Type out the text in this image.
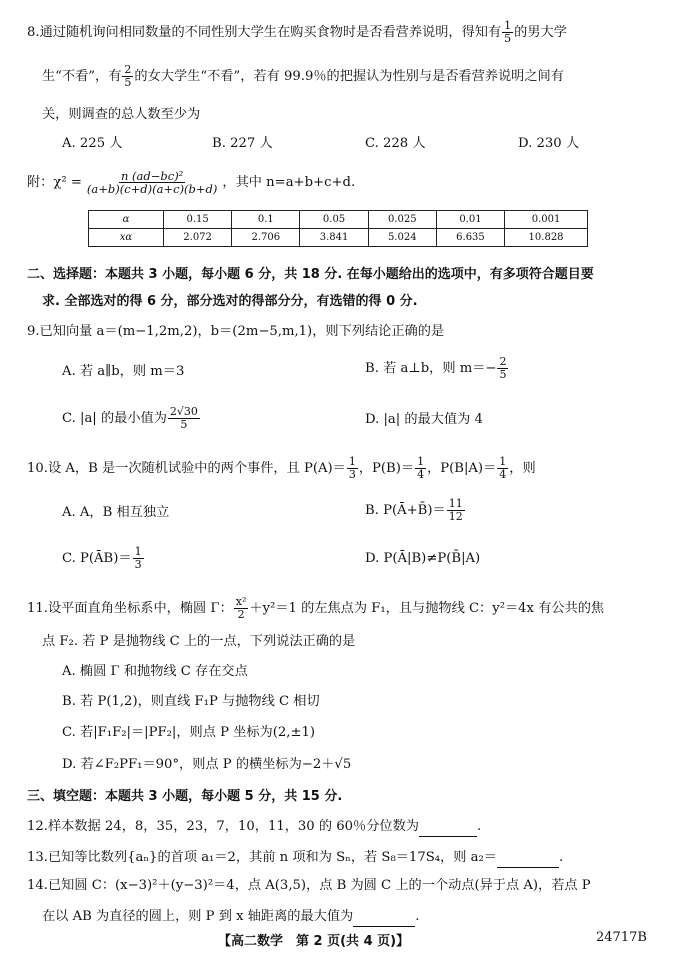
8.通过随机询问相同数量的不同性别大学生在购买食物时是否看营养说明，得知有 $\frac{1}{5}$ 的男大学
生“不看”，有 $\frac{2}{5}$ 的女大学生“不看”，若有 99.9％的把握认为性别与是否看营养说明之间有
关，则调查的总人数至少为
A. 225 人	B. 227 人	C. 228 人	D. 230 人
附：$\chi^2 = \frac{\text{n (ad−bc)²}}{(a+b)(c+d)(a+c)(b+d)}$ ，其中 n=a+b+c+d.
α	0.15	0.1	0.05	0.025	0.01	0.001
xα	2.072	2.706	3.841	5.024	6.635	10.828
二、选择题：本题共 3 小题，每小题 6 分，共 18 分. 在每小题给出的选项中，有多项符合题目要
求. 全部选对的得 6 分，部分选对的得部分分，有选错的得 0 分.
9.已知向量 a＝(m−1,2m,2)，b＝(2m−5,m,1)，则下列结论正确的是
A. 若 a∥b，则 m＝3	B. 若 a⊥b，则 $m=- \frac{2}{5}$
C. |a| 的最小值为 $\frac{2√30}{5}$	D. |a| 的最大值为 4
10.设 A，B 是一次随机试验中的两个事件，且 $P(A)= \frac{1}{3}$ ，$P(B)= \frac{1}{4}$ ，$P(B|A)= \frac{1}{4}$ ，则
A. A，B 相互独立	B. P(Ā+B̄)＝ $\frac{11}{12}$
C. P(ĀB)＝ $\frac{1}{3}$	D. P(Ā|B)≠P(B̄|A)
11.设平面直角坐标系中，椭圆 Γ： $\frac{\text{x²}}{2} +y^2=1$ 的左焦点为 F₁，且与抛物线 C：y²＝4x 有公共的焦
点 F₂. 若 P 是抛物线 C 上的一点，下列说法正确的是
A. 椭圆 Γ 和抛物线 C 存在交点
B. 若 P(1,2)，则直线 F₁P 与抛物线 C 相切
C. 若|F₁F₂|＝|PF₂|，则点 P 坐标为(2,±1)
D. 若∠F₂PF₁＝90°，则点 P 的横坐标为−2＋√5
三、填空题：本题共 3 小题，每小题 5 分，共 15 分.
12.样本数据 24，8，35，23，7，10，11，30 的 60％分位数为	.
13.已知等比数列{aₙ}的首项 a₁＝2，其前 n 项和为 Sₙ，若 S₈＝17S₄，则 a₂＝	.
14.已知圆 C：(x−3)²＋(y−3)²＝4，点 A(3,5)，点 B 为圆 C 上的一个动点(异于点 A)，若点 P
在以 AB 为直径的圆上，则 P 到 x 轴距离的最大值为	.
【高二数学　第 2 页(共 4 页)】	24717B
